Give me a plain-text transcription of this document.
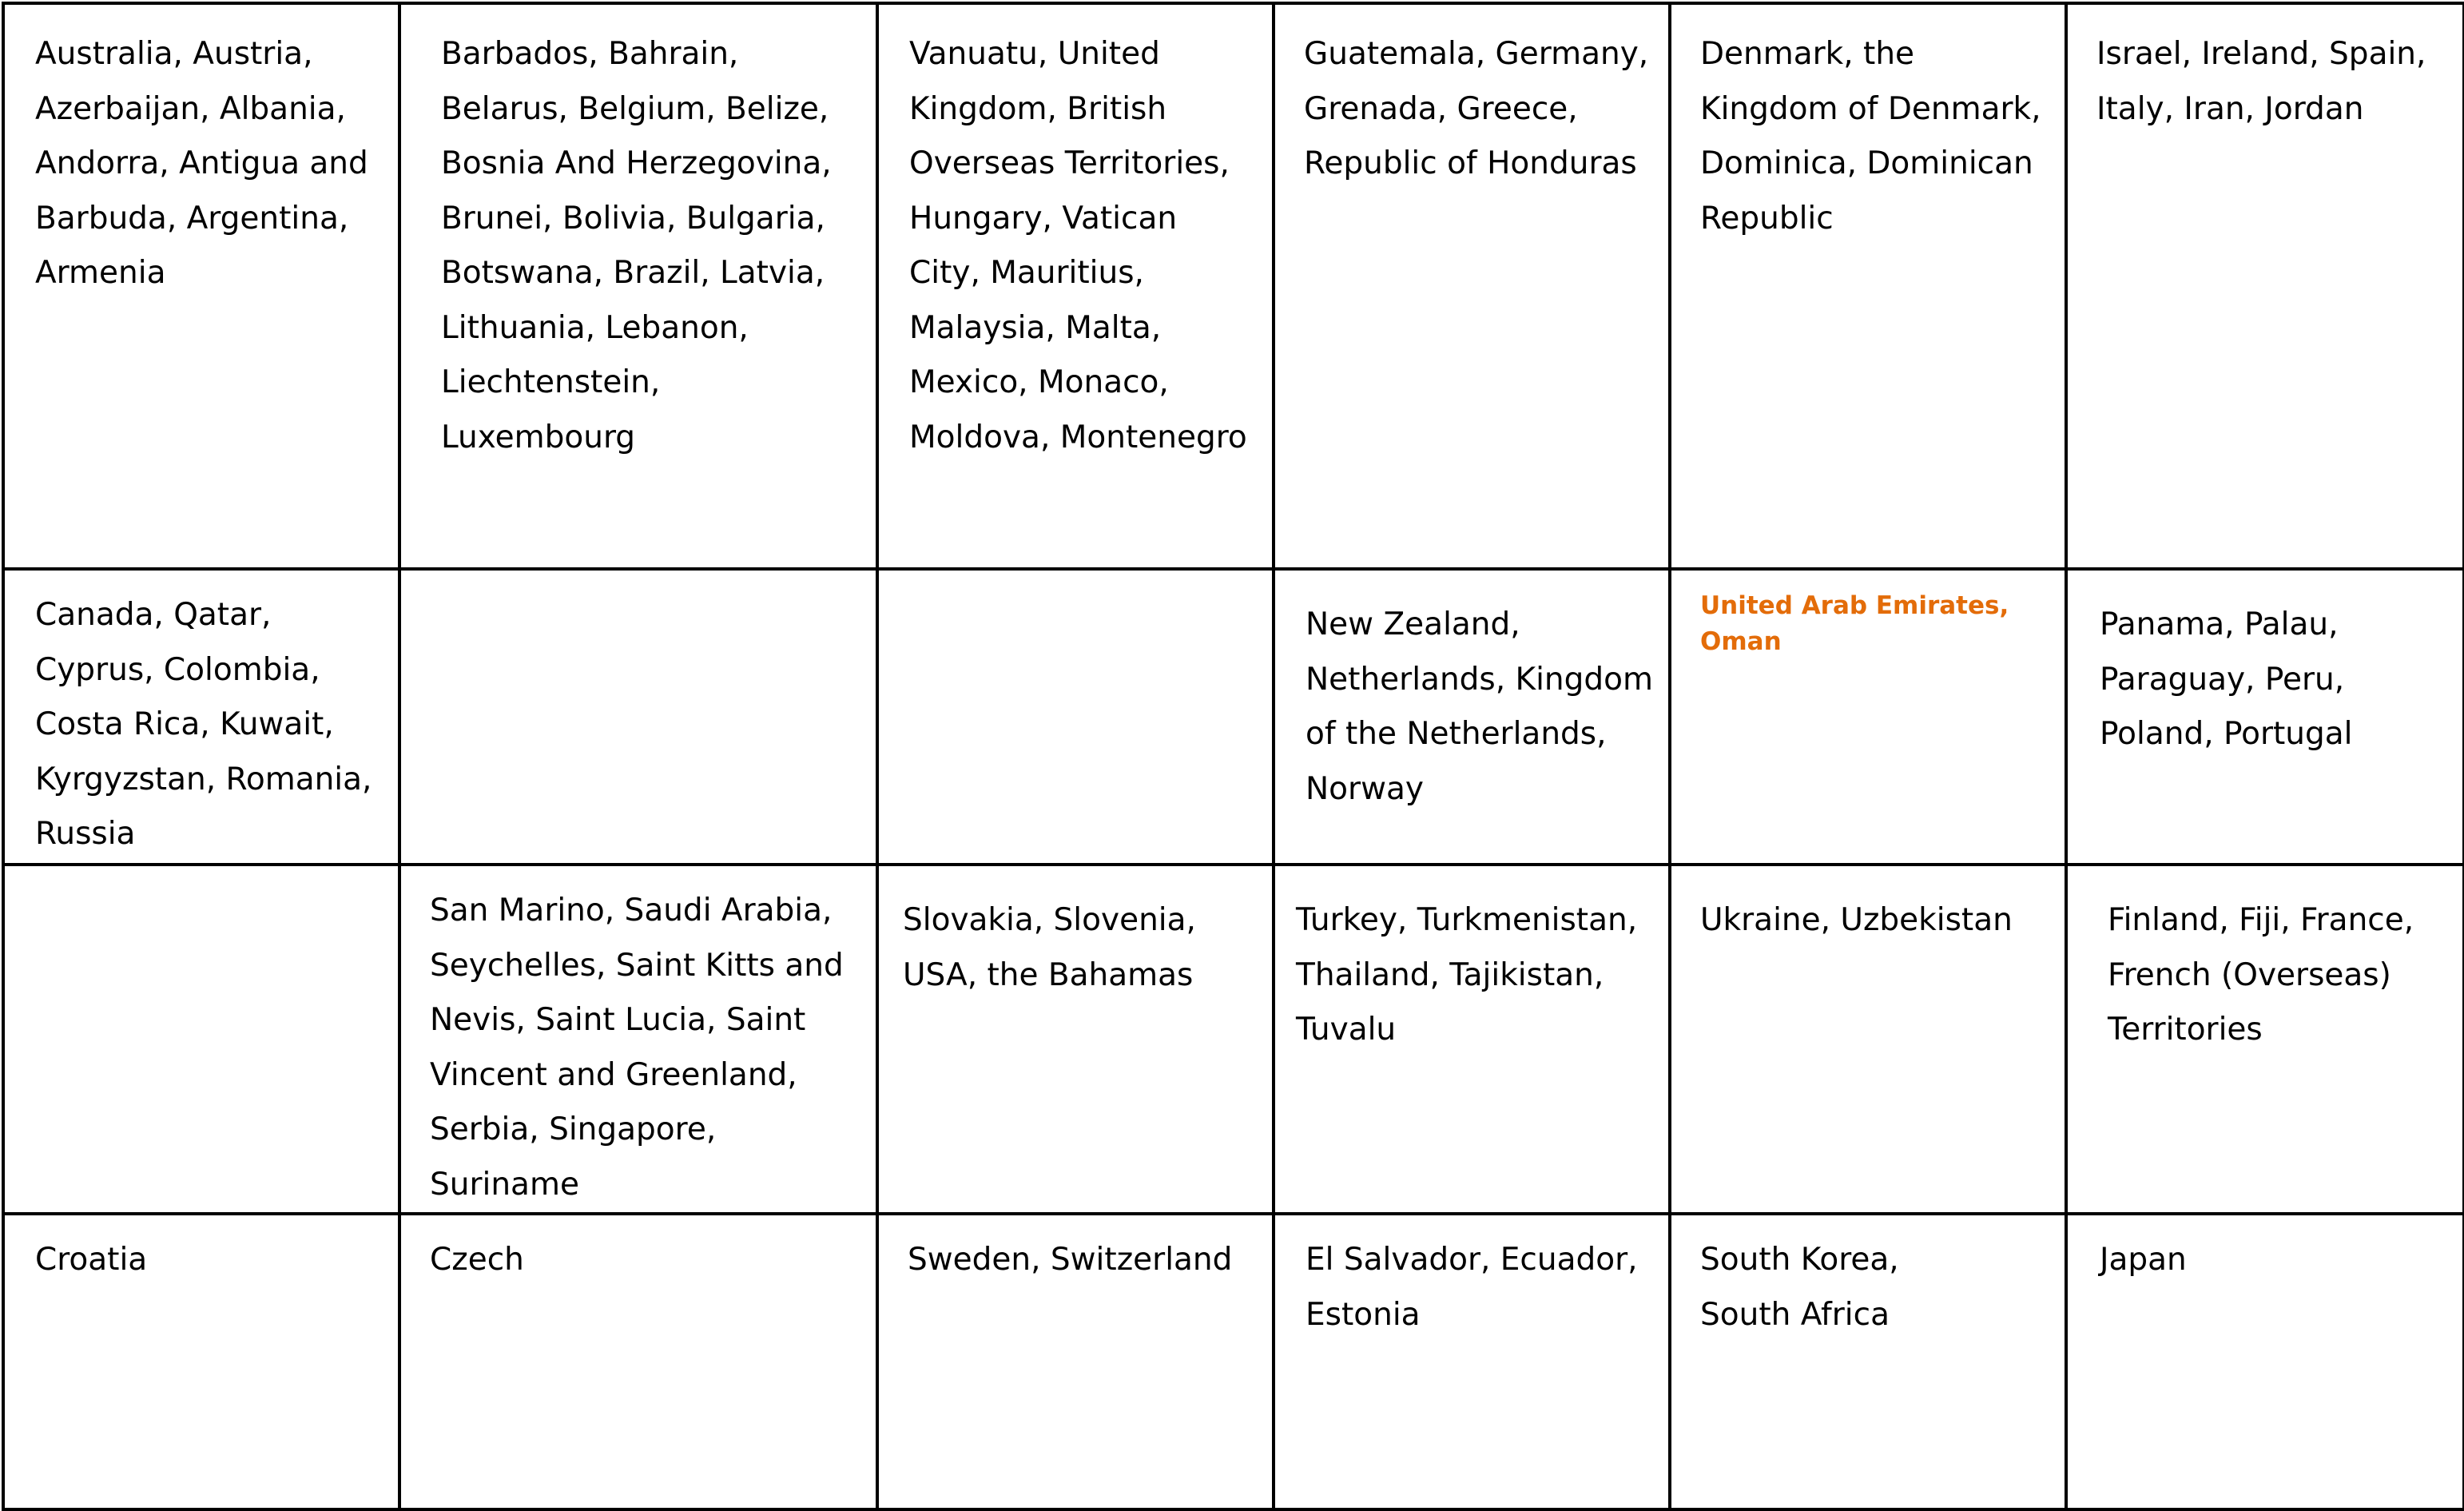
Australia, Austria, Azerbaijan, Albania, Andorra, Antigua and Barbuda, Argentina, Armenia	Barbados, Bahrain, Belarus, Belgium, Belize, Bosnia And Herzegovina, Brunei, Bolivia, Bulgaria, Botswana, Brazil, Latvia, Lithuania, Lebanon, Liechtenstein, Luxembourg	Vanuatu, United Kingdom, British Overseas Territories, Hungary, Vatican City, Mauritius, Malaysia, Malta, Mexico, Monaco, Moldova, Montenegro	Guatemala, Germany, Grenada, Greece, Republic of Honduras	Denmark, the Kingdom of Denmark, Dominica, Dominican Republic	Israel, Ireland, Spain, Italy, Iran, Jordan

Canada, Qatar, Cyprus, Colombia, Costa Rica, Kuwait, Kyrgyzstan, Romania, Russia			New Zealand, Netherlands, Kingdom of the Netherlands, Norway	United Arab Emirates, Oman	Panama, Palau, Paraguay, Peru, Poland, Portugal

	San Marino, Saudi Arabia, Seychelles, Saint Kitts and Nevis, Saint Lucia, Saint Vincent and Greenland, Serbia, Singapore, Suriname	Slovakia, Slovenia, USA, the Bahamas	Turkey, Turkmenistan, Thailand, Tajikistan, Tuvalu	Ukraine, Uzbekistan	Finland, Fiji, France, French (Overseas) Territories

Croatia	Czech	Sweden, Switzerland	El Salvador, Ecuador, Estonia	South Korea, South Africa	Japan
